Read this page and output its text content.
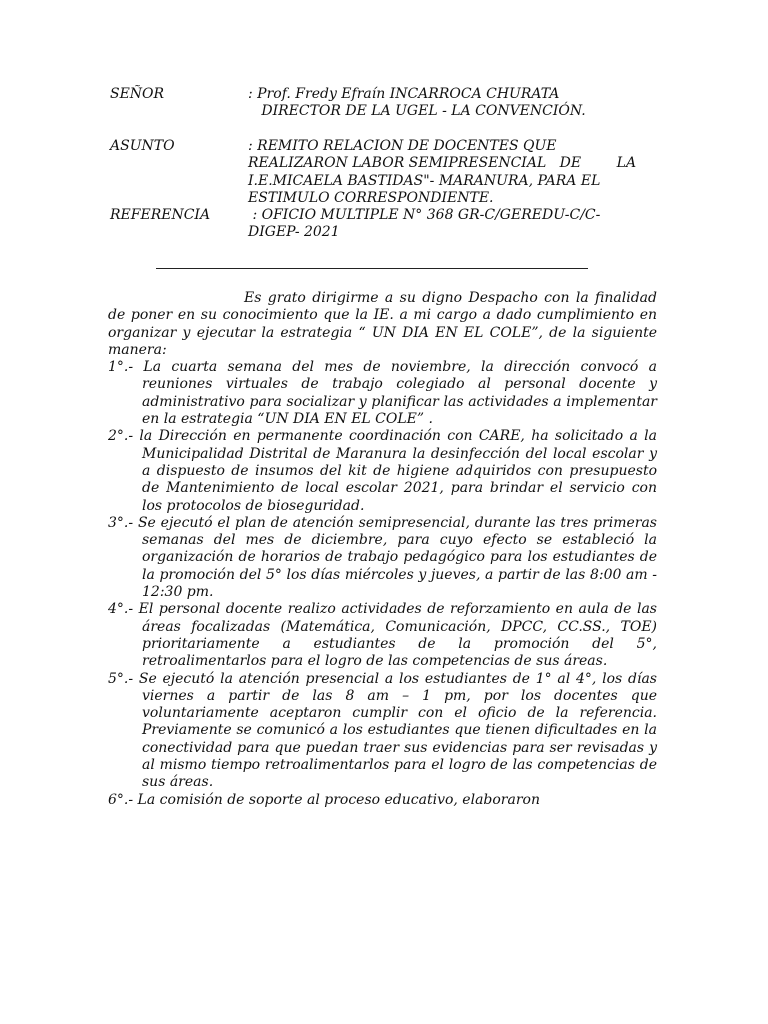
SEÑOR	: Prof. Fredy Efraín INCARROCA CHURATA
DIRECTOR DE LA UGEL - LA CONVENCIÓN.
ASUNTO	: REMITO RELACION DE DOCENTES QUE
REALIZARON LABOR SEMIPRESENCIAL   DE        LA
I.E.MICAELA BASTIDAS"- MARANURA, PARA EL
ESTIMULO CORRESPONDIENTE.
REFERENCIA	: OFICIO MULTIPLE N° 368 GR-C/GEREDU-C/C-
DIGEP- 2021

Es grato dirigirme a su digno Despacho con la finalidad de poner en su conocimiento que la IE. a mi cargo a dado cumplimiento en organizar y ejecutar la estrategia “ UN DIA EN EL COLE”, de la siguiente manera:

1°.- La cuarta semana del mes de noviembre, la dirección convocó a reuniones virtuales de trabajo colegiado al personal docente y administrativo para socializar y planificar las actividades a implementar en la estrategia “UN DIA EN EL COLE” .

2°.- la Dirección en permanente coordinación con CARE, ha solicitado a la Municipalidad Distrital de Maranura la desinfección del local escolar y a dispuesto de insumos del kit de higiene adquiridos con presupuesto de Mantenimiento de local escolar 2021, para brindar el servicio con los protocolos de bioseguridad.

3°.- Se ejecutó el plan de atención semipresencial, durante las tres primeras semanas del mes de diciembre, para cuyo efecto se estableció la organización de horarios de trabajo pedagógico para los estudiantes de la promoción del 5° los días miércoles y jueves, a partir de las 8:00 am - 12:30 pm.

4°.- El personal docente realizo actividades de reforzamiento en aula de las áreas focalizadas (Matemática, Comunicación, DPCC, CC.SS., TOE) prioritariamente a estudiantes de la promoción del 5°, retroalimentarlos para el logro de las competencias de sus áreas.

5°.- Se ejecutó la atención presencial a los estudiantes de 1° al 4°, los días viernes a partir de las 8 am – 1 pm, por los docentes que voluntariamente aceptaron cumplir con el oficio de la referencia. Previamente se comunicó a los estudiantes que tienen dificultades en la conectividad para que puedan traer sus evidencias para ser revisadas y al mismo tiempo retroalimentarlos para el logro de las competencias de sus áreas.

6°.- La comisión de soporte al proceso educativo, elaboraron
